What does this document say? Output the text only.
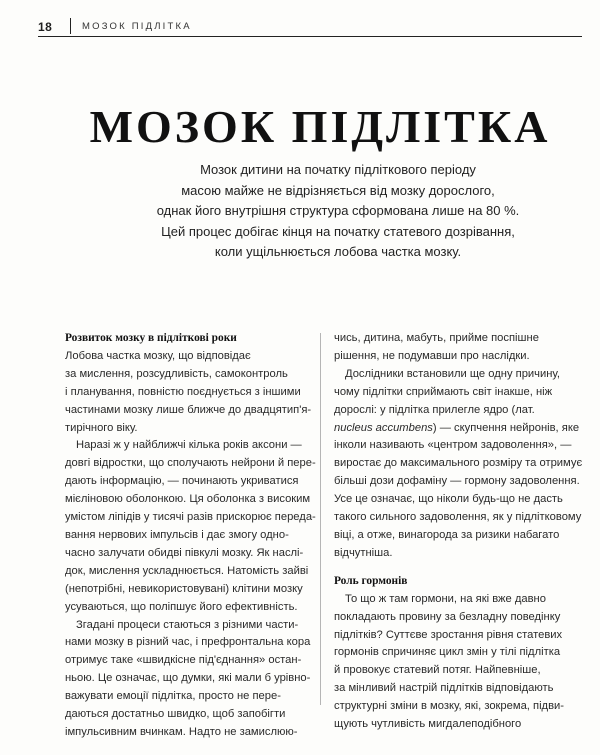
18	МОЗОК ПІДЛІТКА
МОЗОК ПІДЛІТКА
Мозок дитини на початку підліткового періоду
масою майже не відрізняється від мозку дорослого,
однак його внутрішня структура сформована лише на 80 %.
Цей процес добігає кінця на початку статевого дозрівання,
коли ущільнюється лобова частка мозку.
Розвиток мозку в підліткові роки
Лобова частка мозку, що відповідає
за мислення, розсудливість, самоконтроль
і планування, повністю поєднується з іншими
частинами мозку лише ближче до двадцятип'я-
тирічного віку.
Наразі ж у найближчі кілька років аксони —
довгі відростки, що сполучають нейрони й пере-
дають інформацію, — починають укриватися
мієліновою оболонкою. Ця оболонка з високим
умістом ліпідів у тисячі разів прискорює переда-
вання нервових імпульсів і дає змогу одно-
часно залучати обидві півкулі мозку. Як наслі-
док, мислення ускладнюється. Натомість зайві
(непотрібні, невикористовувані) клітини мозку
усуваються, що поліпшує його ефективність.
Згадані процеси стаються з різними части-
нами мозку в різний час, і префронтальна кора
отримує таке «швидкісне під'єднання» остан-
ньою. Це означає, що думки, які мали б урівно-
важувати емоції підлітка, просто не пере-
даються достатньо швидко, щоб запобігти
імпульсивним вчинкам. Надто не замислюю-
чись, дитина, мабуть, прийме поспішне
рішення, не подумавши про наслідки.
Дослідники встановили ще одну причину,
чому підлітки сприймають світ інакше, ніж
дорослі: у підлітка прилегле ядро (лат.
nucleus accumbens) — скупчення нейронів, яке
інколи називають «центром задоволення», —
виростає до максимального розміру та отримує
більші дози дофаміну — гормону задоволення.
Усе це означає, що ніколи будь-що не дасть
такого сильного задоволення, як у підлітковому
віці, а отже, винагорода за ризики набагато
відчутніша.
Роль гормонів
То що ж там гормони, на які вже давно
покладають провину за безладну поведінку
підлітків? Суттєве зростання рівня статевих
гормонів спричиняє цикл змін у тілі підлітка
й провокує статевий потяг. Найпевніше,
за мінливий настрій підлітків відповідають
структурні зміни в мозку, які, зокрема, підви-
щують чутливість мигдалеподібного
